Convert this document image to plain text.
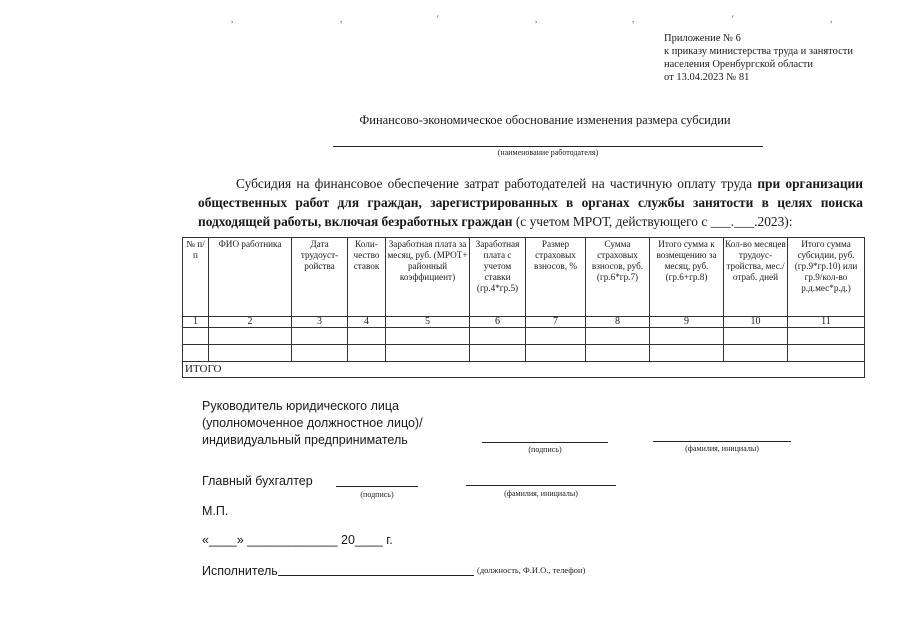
,	,	'	,	,	'	,
Приложение № 6
к приказу министерства труда и занятости
населения Оренбургской области
от 13.04.2023 № 81
Финансово-экономическое обоснование изменения размера субсидии
(наименование работодателя)
Субсидия на финансовое обеспечение затрат работодателей на частичную оплату труда при организации общественных работ для граждан, зарегистрированных в органах службы занятости в целях поиска подходящей работы, включая безработных граждан (с учетом МРОТ, действующего с ___.___.2023):
№ п/п	ФИО работника	Дата трудоуст-ройства	Коли-чество ставок	Заработная плата за месяц, руб. (МРОТ+ районный коэффициент)	Заработная плата с учетом ставки (гр.4*гр.5)	Размер страховых взносов, %	Сумма страховых взносов, руб. (гр.6*гр.7)	Итого сумма к возмещению за месяц, руб. (гр.6+гр.8)	Кол-во месяцев трудоус-тройства, мес./отраб. дней	Итого сумма субсидии, руб. (гр.9*гр.10) или гр.9/кол-во р.д.мес*р.д.)
1	2	3	4	5	6	7	8	9	10	11

ИТОГО										
Руководитель юридического лица
(уполномоченное должностное лицо)/
индивидуальный предприниматель
(подпись)	(фамилия, инициалы)
Главный бухгалтер
(подпись)	(фамилия, инициалы)
М.П.
«____» _____________ 20____ г.
Исполнитель	(должность, Ф.И.О., телефон)
